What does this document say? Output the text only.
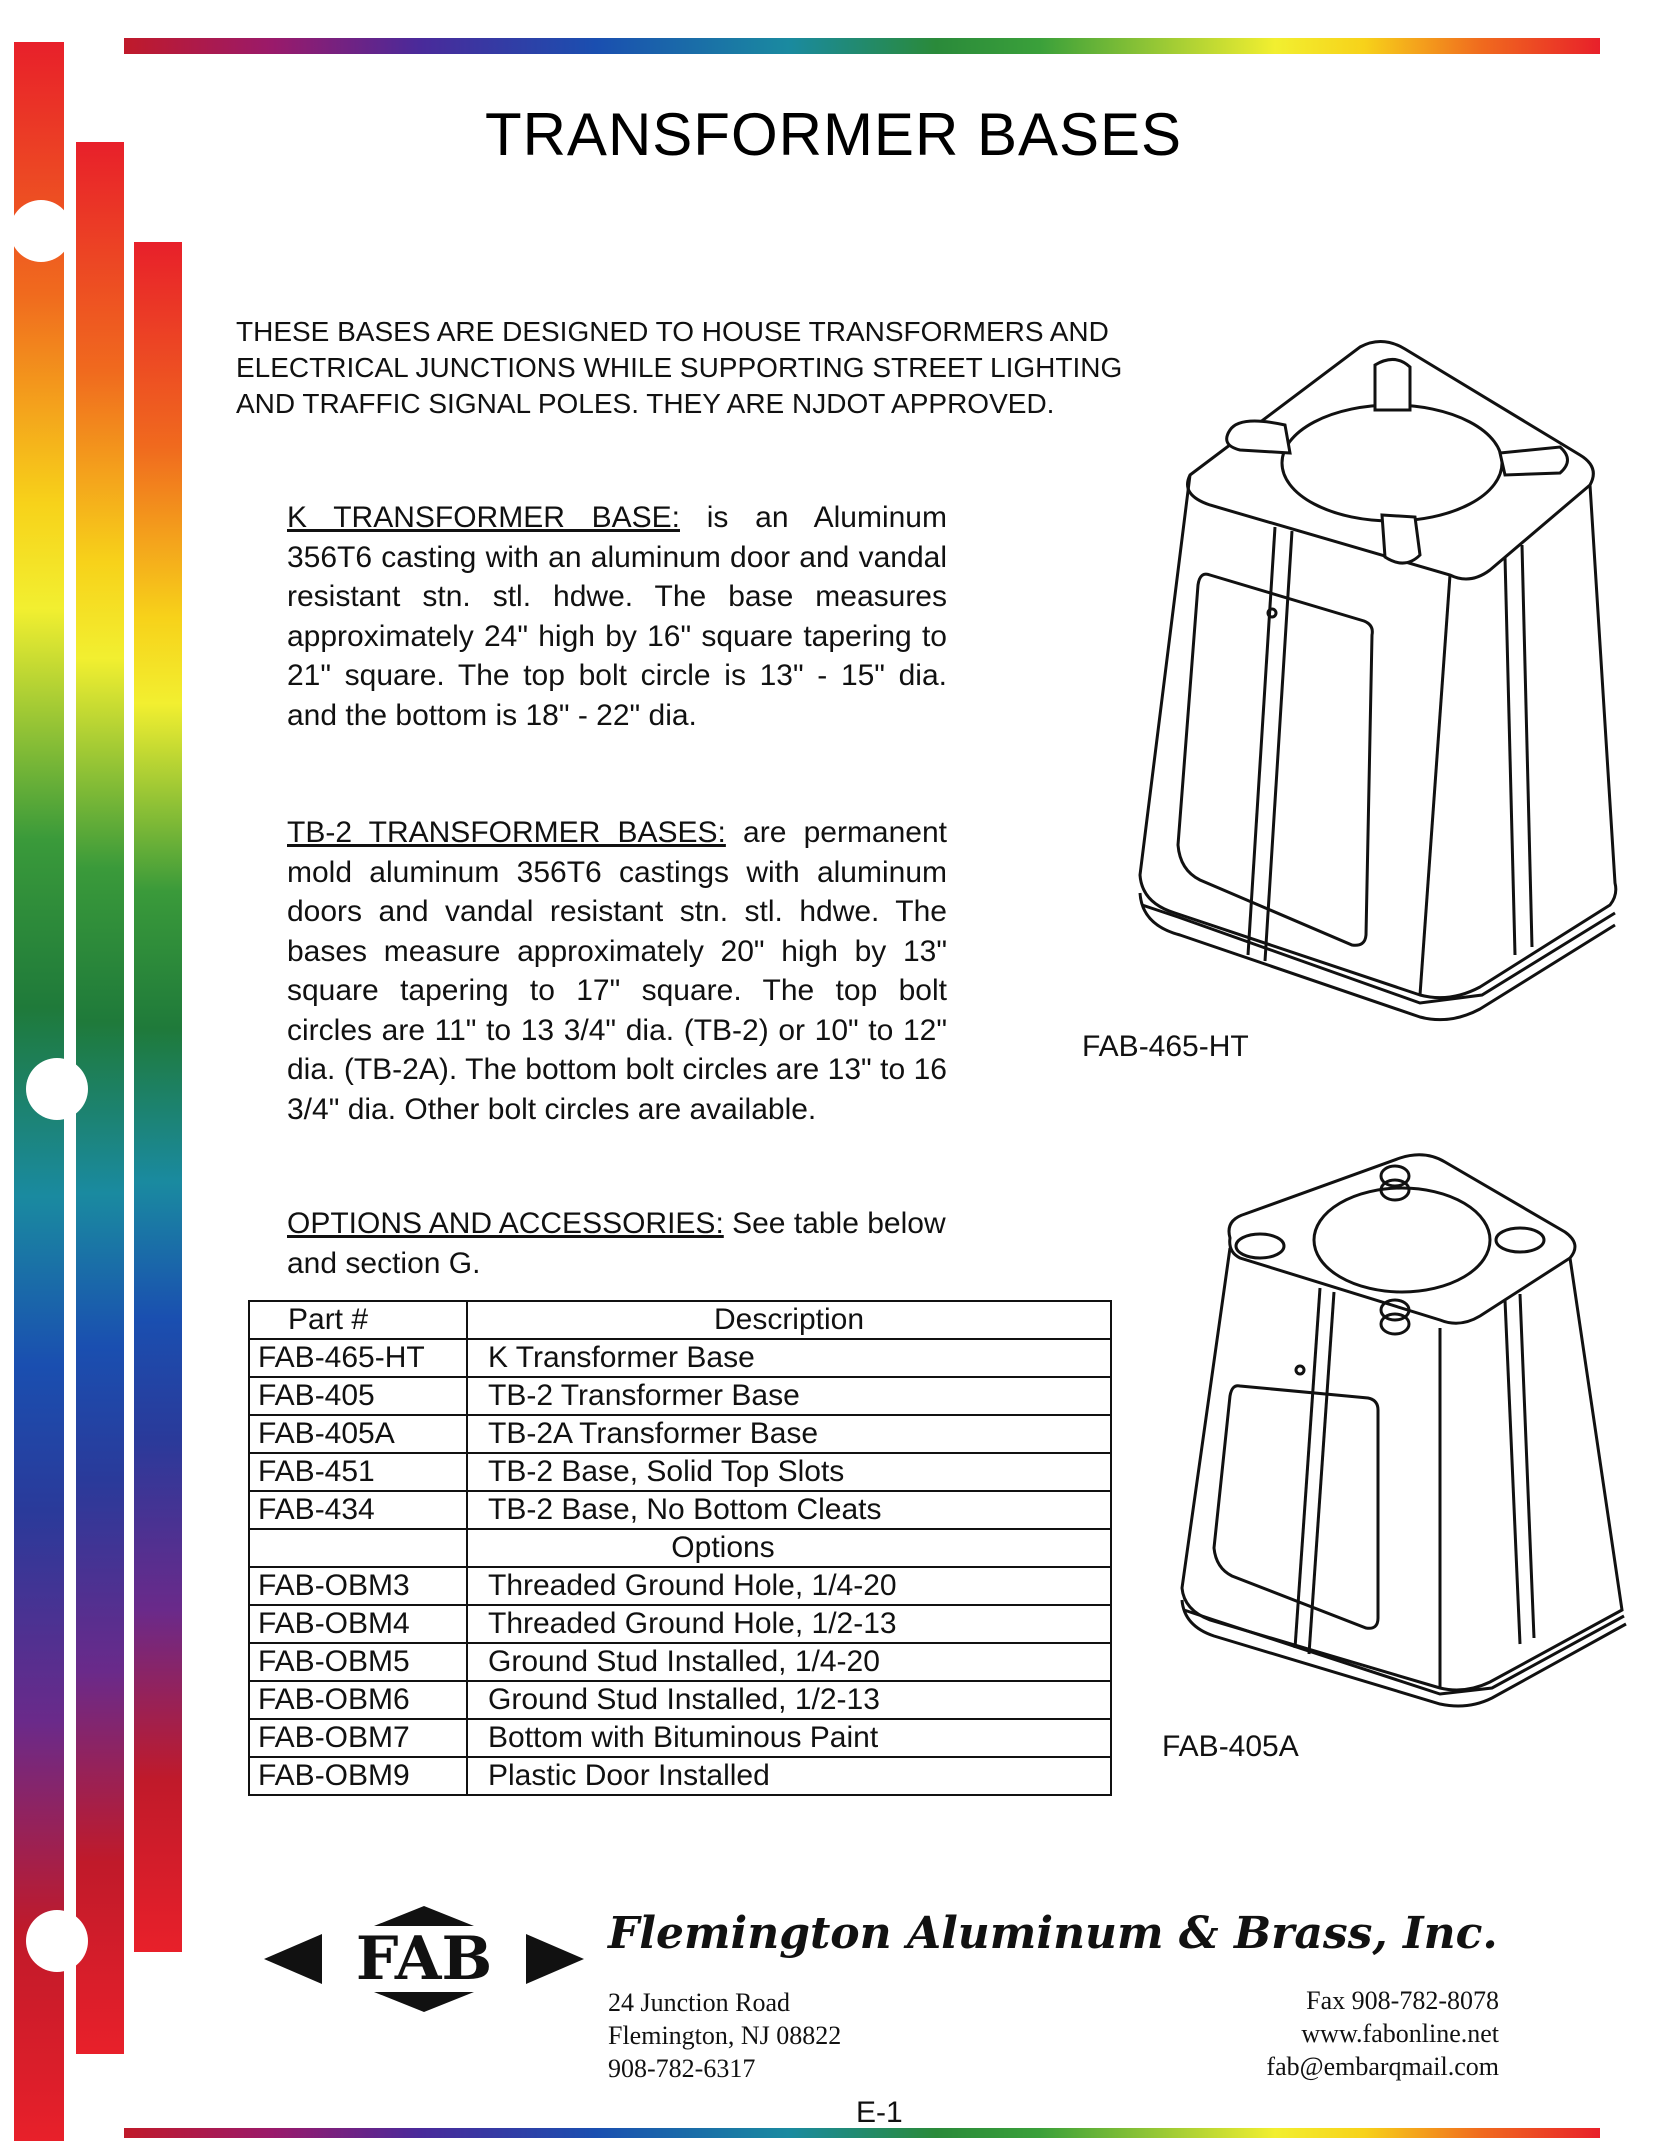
TRANSFORMER BASES

THESE BASES ARE DESIGNED TO HOUSE TRANSFORMERS AND ELECTRICAL JUNCTIONS WHILE SUPPORTING STREET LIGHTING AND TRAFFIC SIGNAL POLES. THEY ARE NJDOT APPROVED.

K TRANSFORMER BASE: is an Aluminum 356T6 casting with an aluminum door and vandal resistant stn. stl. hdwe. The base measures approximately 24" high by 16" square tapering to 21" square. The top bolt circle is 13" - 15" dia. and the bottom is 18" - 22" dia.

TB-2 TRANSFORMER BASES: are permanent mold aluminum 356T6 castings with aluminum doors and vandal resistant stn. stl. hdwe. The bases measure approximately 20" high by 13" square tapering to 17" square. The top bolt circles are 11" to 13 3/4" dia. (TB-2) or 10" to 12" dia. (TB-2A). The bottom bolt circles are 13" to 16 3/4" dia. Other bolt circles are available.

OPTIONS AND ACCESSORIES: See table below and section G.

Part #	Description
FAB-465-HT	K Transformer Base
FAB-405	TB-2 Transformer Base
FAB-405A	TB-2A Transformer Base
FAB-451	TB-2 Base, Solid Top Slots
FAB-434	TB-2 Base, No Bottom Cleats
	Options
FAB-OBM3	Threaded Ground Hole, 1/4-20
FAB-OBM4	Threaded Ground Hole, 1/2-13
FAB-OBM5	Ground Stud Installed, 1/4-20
FAB-OBM6	Ground Stud Installed, 1/2-13
FAB-OBM7	Bottom with Bituminous Paint
FAB-OBM9	Plastic Door Installed
FAB-465-HT
FAB-405A
FAB	Flemington Aluminum & Brass, Inc.
24 Junction Road
Flemington, NJ 08822
908-782-6317
Fax 908-782-8078
www.fabonline.net
fab@embarqmail.com
E-1
